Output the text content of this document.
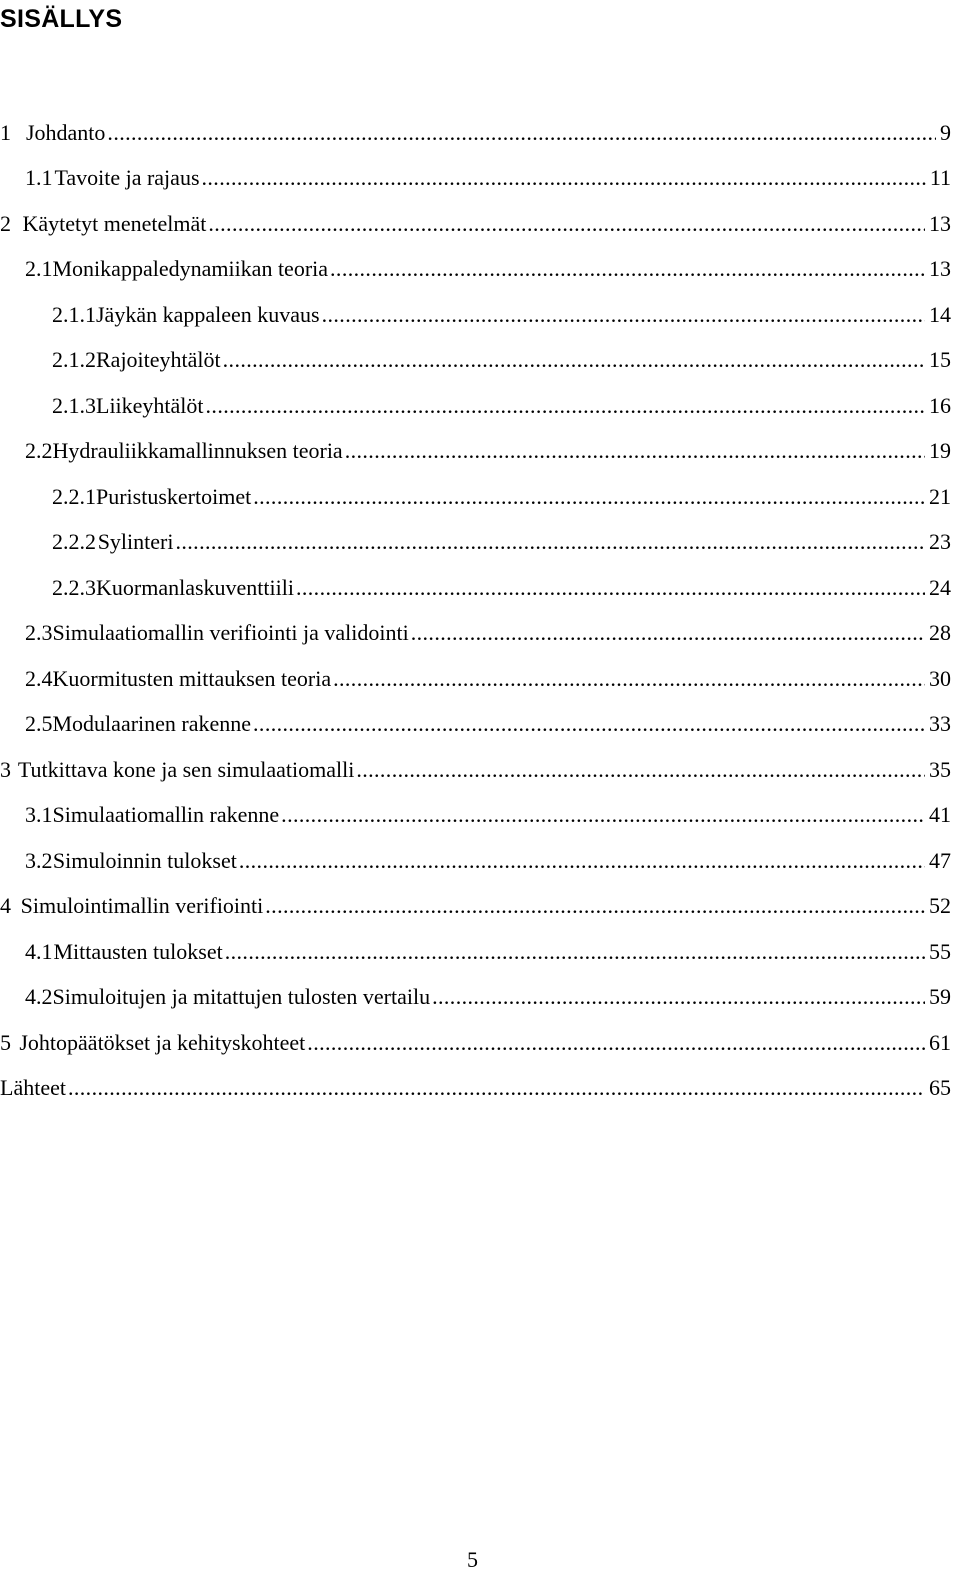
SISÄLLYS
1 Johdanto .....	9
1.1 Tavoite ja rajaus .....	11
2 Käytetyt menetelmät .....	13
2.1 Monikappaledynamiikan teoria .....	13
2.1.1 Jäykän kappaleen kuvaus .....	14
2.1.2 Rajoiteyhtälöt .....	15
2.1.3 Liikeyhtälöt .....	16
2.2 Hydrauliikkamallinnuksen teoria .....	19
2.2.1 Puristuskertoimet .....	21
2.2.2 Sylinteri .....	23
2.2.3 Kuormanlaskuventtiili .....	24
2.3 Simulaatiomallin verifiointi ja validointi .....	28
2.4 Kuormitusten mittauksen teoria .....	30
2.5 Modulaarinen rakenne .....	33
3 Tutkittava kone ja sen simulaatiomalli .....	35
3.1 Simulaatiomallin rakenne .....	41
3.2 Simuloinnin tulokset .....	47
4 Simulointimallin verifiointi .....	52
4.1 Mittausten tulokset .....	55
4.2 Simuloitujen ja mitattujen tulosten vertailu .....	59
5 Johtopäätökset ja kehityskohteet .....	61
Lähteet .....	65
5
